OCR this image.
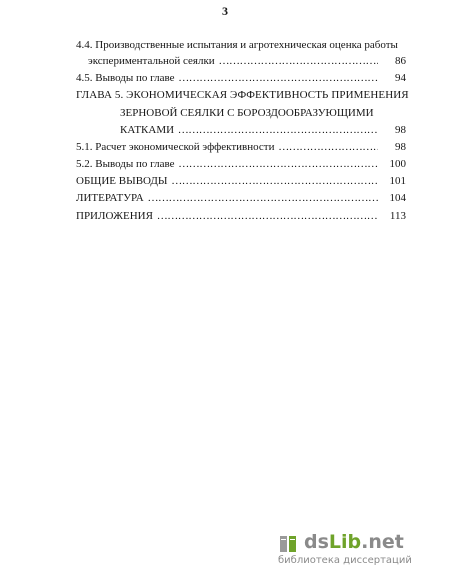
3
4.4. Производственные испытания и агротехническая оценка работы
экспериментальной сеялки ……………………………………………………………………………………………………………………	86
4.5. Выводы по главе ……………………………………………………………………………………………………………………	94
ГЛАВА 5. ЭКОНОМИЧЕСКАЯ ЭФФЕКТИВНОСТЬ ПРИМЕНЕНИЯ
ЗЕРНОВОЙ СЕЯЛКИ С БОРОЗДООБРАЗУЮЩИМИ
КАТКАМИ ……………………………………………………………………………………………………………………	98
5.1. Расчет экономической эффективности ……………………………………………………………………………………………………………………	98
5.2. Выводы по главе ……………………………………………………………………………………………………………………	100
ОБЩИЕ ВЫВОДЫ ……………………………………………………………………………………………………………………	101
ЛИТЕРАТУРА ……………………………………………………………………………………………………………………	104
ПРИЛОЖЕНИЯ ……………………………………………………………………………………………………………………	113
dsLib.net
библиотека диссертаций
